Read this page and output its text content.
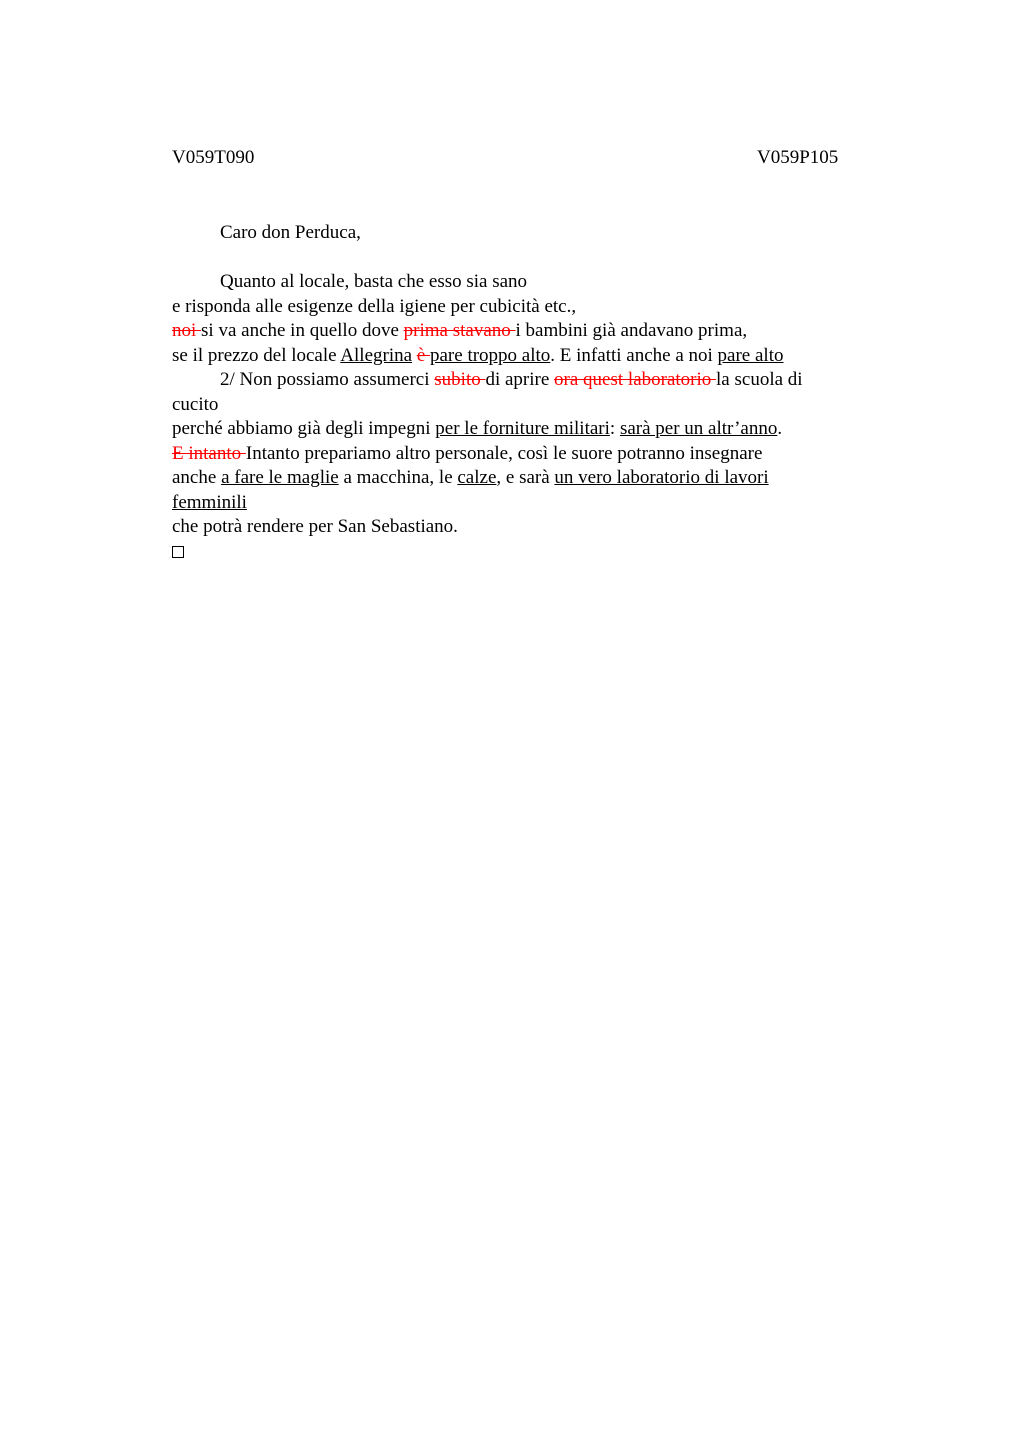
V059T090	V059P105
Caro don Perduca,
Quanto al locale, basta che esso sia sano
e risponda alle esigenze della igiene per cubicità etc.,
noi si va anche in quello dove prima stavano i bambini già andavano prima,
se il prezzo del locale Allegrina è pare troppo alto. E infatti anche a noi pare alto
2/ Non possiamo assumerci subito di aprire ora quest laboratorio la scuola di
cucito
perché abbiamo già degli impegni per le forniture militari: sarà per un altr’anno.
E intanto Intanto prepariamo altro personale, così le suore potranno insegnare
anche a fare le maglie a macchina, le calze, e sarà un vero laboratorio di lavori
femminili
che potrà rendere per San Sebastiano.
